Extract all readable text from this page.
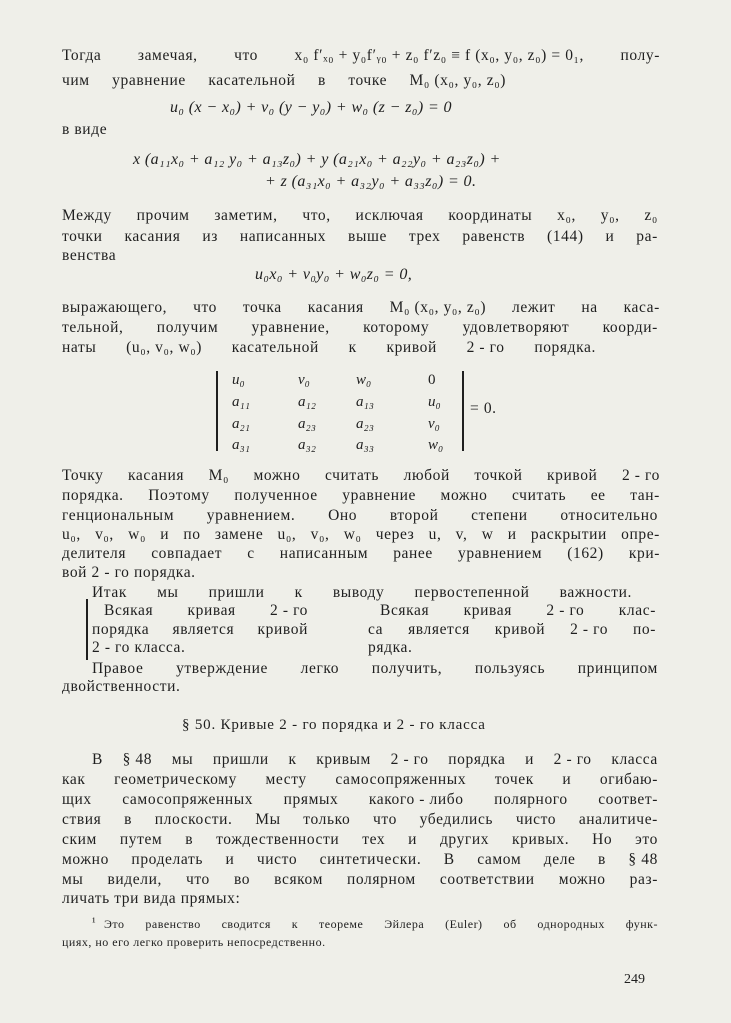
Тогда замечая, что x₀ f′ₓ₀ + y₀f′ᵧ₀ + z₀ f′z₀ ≡ f (x₀, y₀, z₀) = 0₁, полу-
чим уравнение касательной в точке M₀ (x₀, y₀, z₀)
u₀ (x − x₀) + v₀ (y − y₀) + w₀ (z − z₀) = 0
в виде
x (a₁₁x₀ + a₁₂ y₀ + a₁₃z₀) + y (a₂₁x₀ + a₂₂y₀ + a₂₃z₀) +
+ z (a₃₁x₀ + a₃₂y₀ + a₃₃z₀) = 0.
Между прочим заметим, что, исключая координаты x₀, y₀, z₀
точки касания из написанных выше трех равенств (144) и ра-
венства
u₀x₀ + v₀y₀ + w₀z₀ = 0,
выражающего, что точка касания M₀ (x₀, y₀, z₀) лежит на каса-
тельной, получим уравнение, которому удовлетворяют коорди-
наты (u₀, v₀, w₀) касательной к кривой 2 - го порядка.
u₀	v₀	w₀	0
a₁₁	a₁₂	a₁₃	u₀
a₂₁	a₂₃	a₂₃	v₀
a₃₁	a₃₂	a₃₃	w₀
= 0.
Точку касания M₀ можно считать любой точкой кривой 2 - го
порядка. Поэтому полученное уравнение можно считать ее тан-
генциональным уравнением. Оно второй степени относительно
u₀, v₀, w₀ и по замене u₀, v₀, w₀ через u, v, w и раскрытии опре-
делителя совпадает с написанным ранее уравнением (162) кри-
вой 2 - го порядка.
Итак мы пришли к выводу первостепенной важности.
Всякая кривая 2 - го
порядка является кривой
2 - го класса.
Всякая кривая 2 - го клас-
са является кривой 2 - го по-
рядка.
Правое утверждение легко получить, пользуясь принципом
двойственности.
§ 50. Кривые 2 - го порядка и 2 - го класса
В § 48 мы пришли к кривым 2 - го порядка и 2 - го класса
как геометрическому месту самосопряженных точек и огибаю-
щих самосопряженных прямых какого - либо полярного соответ-
ствия в плоскости. Мы только что убедились чисто аналитиче-
ским путем в тождественности тех и других кривых. Но это
можно проделать и чисто синтетически. В самом деле в § 48
мы видели, что во всяком полярном соответствии можно раз-
личать три вида прямых:
¹ Это равенство сводится к теореме Эйлера (Euler) об однородных функ-
циях, но его легко проверить непосредственно.
249
